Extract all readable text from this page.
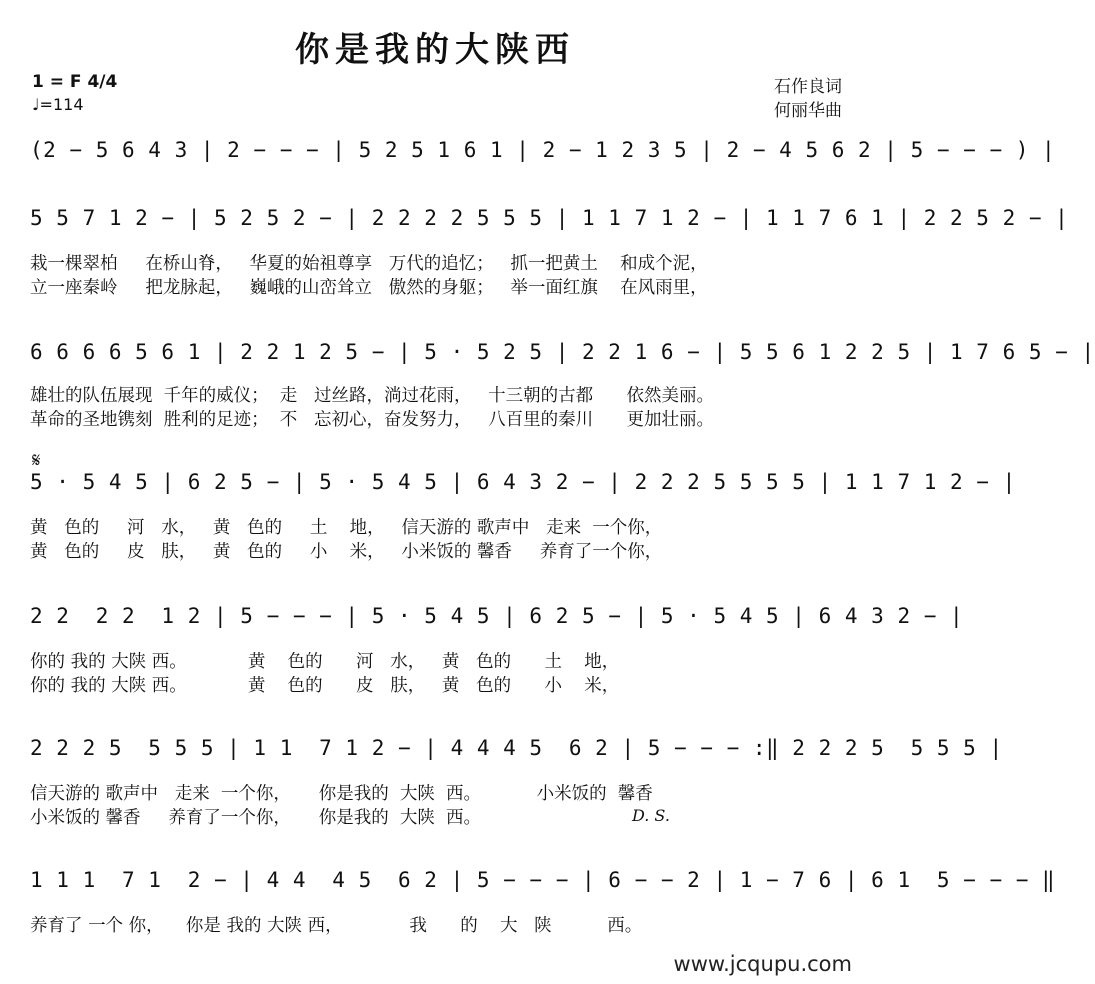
你是我的大陕西
1 = F 4/4
♩=114
石作良词
何丽华曲
(2 − 5 6 4 3 | 2 − − − | 5 2 5 1 6 1 | 2 − 1 2 3 5 | 2 − 4 5 6 2 | 5 − − − ) |
5 5 7 1 2 − | 5 2 5 2 − | 2 2 2 2 5 5 5 | 1 1 7 1 2 − | 1 1 7 6 1 | 2 2 5 2 − |
栽一棵翠柏     在桥山脊，   华夏的始祖尊享   万代的追忆；   抓一把黄土    和成个泥，
立一座秦岭     把龙脉起，   巍峨的山峦耸立   傲然的身躯；   举一面红旗    在风雨里，
6 6 6 6 5 6 1 | 2 2 1 2 5 − | 5 · 5 2 5 | 2 2 1 6 − | 5 5 6 1 2 2 5 | 1 7 6 5 − |
雄壮的队伍展现  千年的威仪；  走   过丝路，淌过花雨，   十三朝的古都      依然美丽。
革命的圣地镌刻  胜利的足迹；  不   忘初心，奋发努力，   八百里的秦川      更加壮丽。
𝄋
5 · 5 4 5 | 6 2 5 − | 5 · 5 4 5 | 6 4 3 2 − | 2 2 2 5 5 5 5 | 1 1 7 1 2 − |
黄   色的     河   水，   黄   色的     土    地，   信天游的 歌声中   走来  一个你，
黄   色的     皮   肤，   黄   色的     小    米，   小米饭的 馨香     养育了一个你，
2 2  2 2  1 2 | 5 − − − | 5 · 5 4 5 | 6 2 5 − | 5 · 5 4 5 | 6 4 3 2 − |
你的 我的 大陕 西。           黄    色的      河   水，   黄   色的      土    地，
你的 我的 大陕 西。           黄    色的      皮   肤，   黄   色的      小    米，
2 2 2 5  5 5 5 | 1 1  7 1 2 − | 4 4 4 5  6 2 | 5 − − − :‖ 2 2 2 5  5 5 5 |
信天游的 歌声中   走来  一个你，     你是我的  大陕  西。          小米饭的  馨香
小米饭的 馨香     养育了一个你，     你是我的  大陕  西。	D. S.
1 1 1  7 1  2 − | 4 4  4 5  6 2 | 5 − − − | 6 − − 2 | 1 − 7 6 | 6 1  5 − − − ‖
养育了 一个 你，    你是 我的 大陕 西，            我      的    大   陕          西。
www.jcqupu.com
